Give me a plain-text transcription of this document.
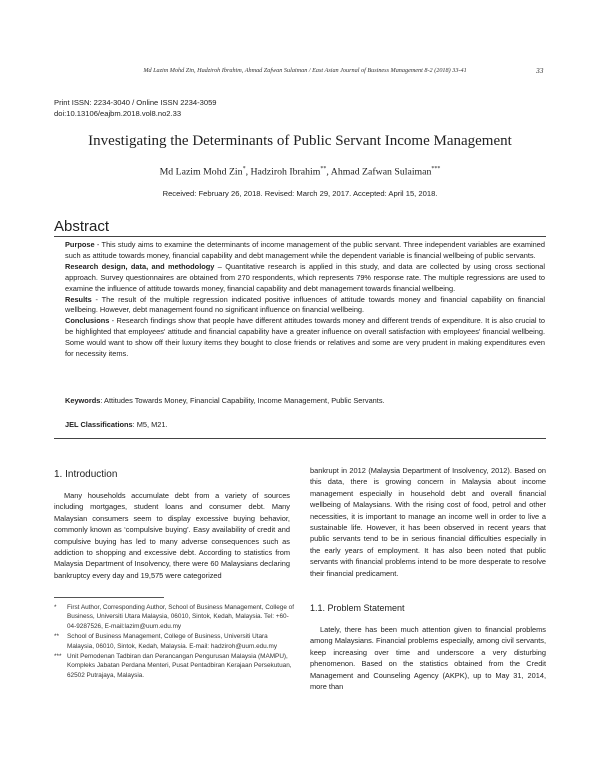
Md Lazim Mohd Zin, Hadziroh Ibrahim, Ahmad Zafwan Sulaiman / East Asian Journal of Business Management 8-2 (2018) 33-41	33
Print ISSN: 2234-3040 / Online ISSN 2234-3059
doi:10.13106/eajbm.2018.vol8.no2.33
Investigating the Determinants of Public Servant Income Management
Md Lazim Mohd Zin*, Hadziroh Ibrahim**, Ahmad Zafwan Sulaiman***
Received: February 26, 2018. Revised: March 29, 2017. Accepted: April 15, 2018.
Abstract

Purpose - This study aims to examine the determinants of income management of the public servant. Three independent variables are examined such as attitude towards money, financial capability and debt management while the dependent variable is financial wellbeing of public servants.

Research design, data, and methodology – Quantitative research is applied in this study, and data are collected by using cross sectional approach. Survey questionnaires are obtained from 270 respondents, which represents 79% response rate. The multiple regressions are used to examine the influence of attitude towards money, financial capability and debt management towards financial wellbeing.

Results - The result of the multiple regression indicated positive influences of attitude towards money and financial capability on financial wellbeing. However, debt management found no significant influence on financial wellbeing.

Conclusions - Research findings show that people have different attitudes towards money and different trends of expenditure. It is also crucial to be highlighted that employees' attitude and financial capability have a greater influence on overall satisfaction with employees' financial wellbeing. Some would want to show off their luxury items they bought to close friends or relatives and some are very prudent in making expenditures even for necessity items.

Keywords: Attitudes Towards Money, Financial Capability, Income Management, Public Servants.
JEL Classifications: M5, M21.
1. Introduction

Many households accumulate debt from a variety of sources including mortgages, student loans and consumer debt. Many Malaysian consumers seem to display excessive buying behavior, commonly known as ‘compulsive buying’. Easy availability of credit and compulsive buying has led to many adverse consequences such as addiction to shopping and excessive debt. According to statistics from Malaysia Department of Insolvency, there were 60 Malaysians declaring bankruptcy every day and 19,575 were categorized

*	First Author, Corresponding Author, School of Business Management, College of Business, Universiti Utara Malaysia, 06010, Sintok, Kedah, Malaysia. Tel: +60-04-9287526, E-mail:lazim@uum.edu.my
**	School of Business Management, College of Business, Universiti Utara Malaysia, 06010, Sintok, Kedah, Malaysia. E-mail: hadziroh@uum.edu.my
*** Unit Pemodenan Tadbiran dan Perancangan Pengurusan Malaysia (MAMPU), Kompleks Jabatan Perdana Menteri, Pusat Pentadbiran Kerajaan Persekutuan, 62502 Putrajaya, Malaysia.

bankrupt in 2012 (Malaysia Department of Insolvency, 2012). Based on this data, there is growing concern in Malaysia about income management especially in household debt and overall financial wellbeing of Malaysians. With the rising cost of food, petrol and other necessities, it is important to manage an income well in order to live a sustainable life. However, it has been observed in recent years that public servants tend to be in serious financial difficulties especially in the early years of employment. It has also been noted that public servants with financial problems intend to be more desperate to resolve their financial predicament.

1.1. Problem Statement

Lately, there has been much attention given to financial problems among Malaysians. Financial problems especially, among civil servants, keep increasing over time and underscore a very disturbing phenomenon. Based on the statistics obtained from the Credit Management and Counseling Agency (AKPK), up to May 31, 2014, more than
